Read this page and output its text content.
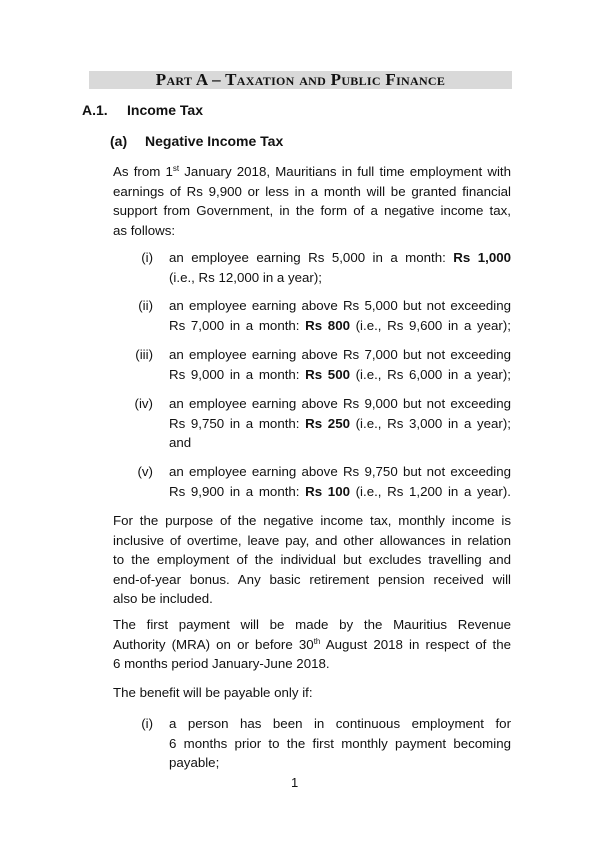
Part A – Taxation and Public Finance
A.1. Income Tax
(a) Negative Income Tax
As from 1st January 2018, Mauritians in full time employment with
earnings of Rs 9,900 or less in a month will be granted financial
support from Government, in the form of a negative income tax,
as follows:
(i) an employee earning Rs 5,000 in a month: Rs 1,000
(i.e., Rs 12,000 in a year);
(ii) an employee earning above Rs 5,000 but not exceeding
Rs 7,000 in a month: Rs 800 (i.e., Rs 9,600 in a year);
(iii) an employee earning above Rs 7,000 but not exceeding
Rs 9,000 in a month: Rs 500 (i.e., Rs 6,000 in a year);
(iv) an employee earning above Rs 9,000 but not exceeding
Rs 9,750 in a month: Rs 250 (i.e., Rs 3,000 in a year);
and
(v) an employee earning above Rs 9,750 but not exceeding
Rs 9,900 in a month: Rs 100 (i.e., Rs 1,200 in a year).
For the purpose of the negative income tax, monthly income is
inclusive of overtime, leave pay, and other allowances in relation
to the employment of the individual but excludes travelling and
end-of-year bonus. Any basic retirement pension received will
also be included.
The first payment will be made by the Mauritius Revenue
Authority (MRA) on or before 30th August 2018 in respect of the
6 months period January-June 2018.
The benefit will be payable only if:
(i) a person has been in continuous employment for
6 months prior to the first monthly payment becoming
payable;
1
